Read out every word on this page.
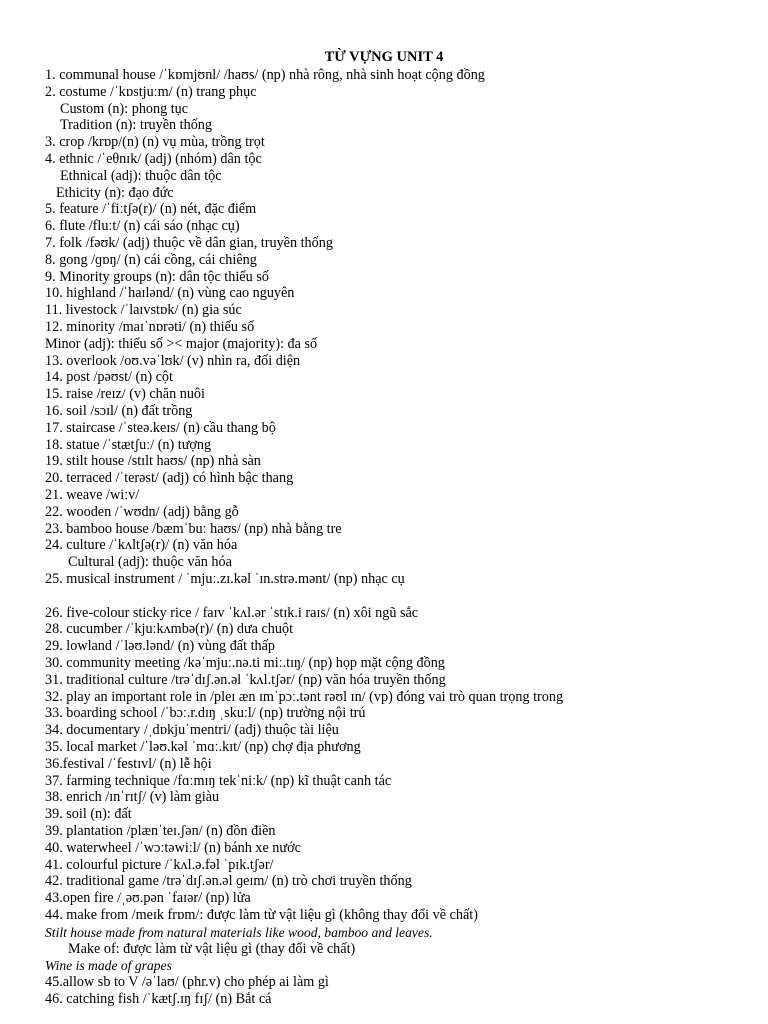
TỪ VỰNG UNIT 4
1. communal house /ˈkɒmjʊnl/ /haʊs/ (np) nhà rông, nhà sinh hoạt cộng đồng
2. costume /ˈkɒstjuːm/ (n) trang phục
Custom (n): phong tục
Tradition (n): truyền thống
3. crop /krɒp/(n) (n) vụ mùa, trồng trọt
4. ethnic /ˈeθnɪk/ (adj) (nhóm) dân tộc
Ethnical (adj): thuộc dân tộc
Ethicity (n): đạo đức
5. feature /ˈfiːtʃə(r)/ (n) nét, đặc điểm
6. flute /fluːt/ (n) cái sáo (nhạc cụ)
7. folk /fəʊk/ (adj) thuộc về dân gian, truyền thống
8. gong /ɡɒŋ/ (n) cái cồng, cái chiêng
9. Minority groups (n): dân tộc thiểu số
10. highland /ˈhaɪlənd/ (n) vùng cao nguyên
11. livestock /ˈlaɪvstɒk/ (n) gia súc
12. minority /maɪˈnɒrəti/ (n) thiểu số
Minor (adj): thiểu số >< major (majority): đa số
13. overlook /oʊ.vəˈlʊk/ (v) nhìn ra, đối diện
14. post /pəʊst/ (n) cột
15. raise /reɪz/ (v) chăn nuôi
16. soil /sɔɪl/ (n) đất trồng
17. staircase /ˈsteə.keɪs/ (n) cầu thang bộ
18. statue /ˈstætʃuː/ (n) tượng
19. stilt house /stɪlt haʊs/ (np) nhà sàn
20. terraced /ˈterəst/ (adj) có hình bậc thang
21. weave /wiːv/
22. wooden /ˈwʊdn/ (adj) bằng gỗ
23. bamboo house /bæmˈbuː haʊs/ (np) nhà bằng tre
24. culture /ˈkʌltʃə(r)/ (n) văn hóa
Cultural (adj): thuộc văn hóa
25. musical instrument / ˈmjuː.zɪ.kəl ˈɪn.strə.mənt/ (np) nhạc cụ
26. five-colour sticky rice / faɪv ˈkʌl.ər ˈstɪk.i raɪs/ (n) xôi ngũ sắc
28. cucumber /ˈkjuːkʌmbə(r)/ (n) dưa chuột
29. lowland /ˈləʊ.lənd/ (n) vùng đất thấp
30. community meeting /kəˈmjuː.nə.ti miː.tɪŋ/ (np) họp mặt cộng đồng
31. traditional culture /trəˈdɪʃ.ən.əl ˈkʌl.tʃər/ (np) văn hóa truyền thống
32. play an important role in /pleɪ æn ɪmˈpɔː.tənt rəʊl ɪn/ (vp) đóng vai trò quan trọng trong
33. boarding school /ˈbɔː.r.dɪŋ ˌskuːl/ (np) trường nội trú
34. documentary /ˌdɒkjuˈmentri/ (adj) thuộc tài liệu
35. local market /ˈləʊ.kəl ˈmɑː.kɪt/ (np) chợ địa phương
36.festival /ˈfestɪvl/ (n) lễ hội
37. farming technique /fɑːmɪŋ tekˈniːk/ (np) kĩ thuật canh tác
38. enrich /ɪnˈrɪtʃ/ (v) làm giàu
39. soil (n): đất
39. plantation /plænˈteɪ.ʃən/ (n) đồn điền
40. waterwheel /ˈwɔːtəwiːl/ (n) bánh xe nước
41. colourful picture /ˈkʌl.ə.fəl ˈpɪk.tʃər/
42. traditional game /trəˈdɪʃ.ən.əl ɡeɪm/ (n) trò chơi truyền thống
43.open fire /ˌəʊ.pən ˈfaɪər/ (np) lửa
44. make from /meɪk frɒm/: được làm từ vật liệu gì (không thay đổi về chất)
Stilt house made from natural materials like wood, bamboo and leaves.
Make of: được làm từ vật liệu gì (thay đổi về chất)
Wine is made of grapes
45.allow sb to V /əˈlaʊ/ (phr.v) cho phép ai làm gì
46. catching fish /ˈkætʃ.ɪŋ fɪʃ/ (n) Bắt cá
